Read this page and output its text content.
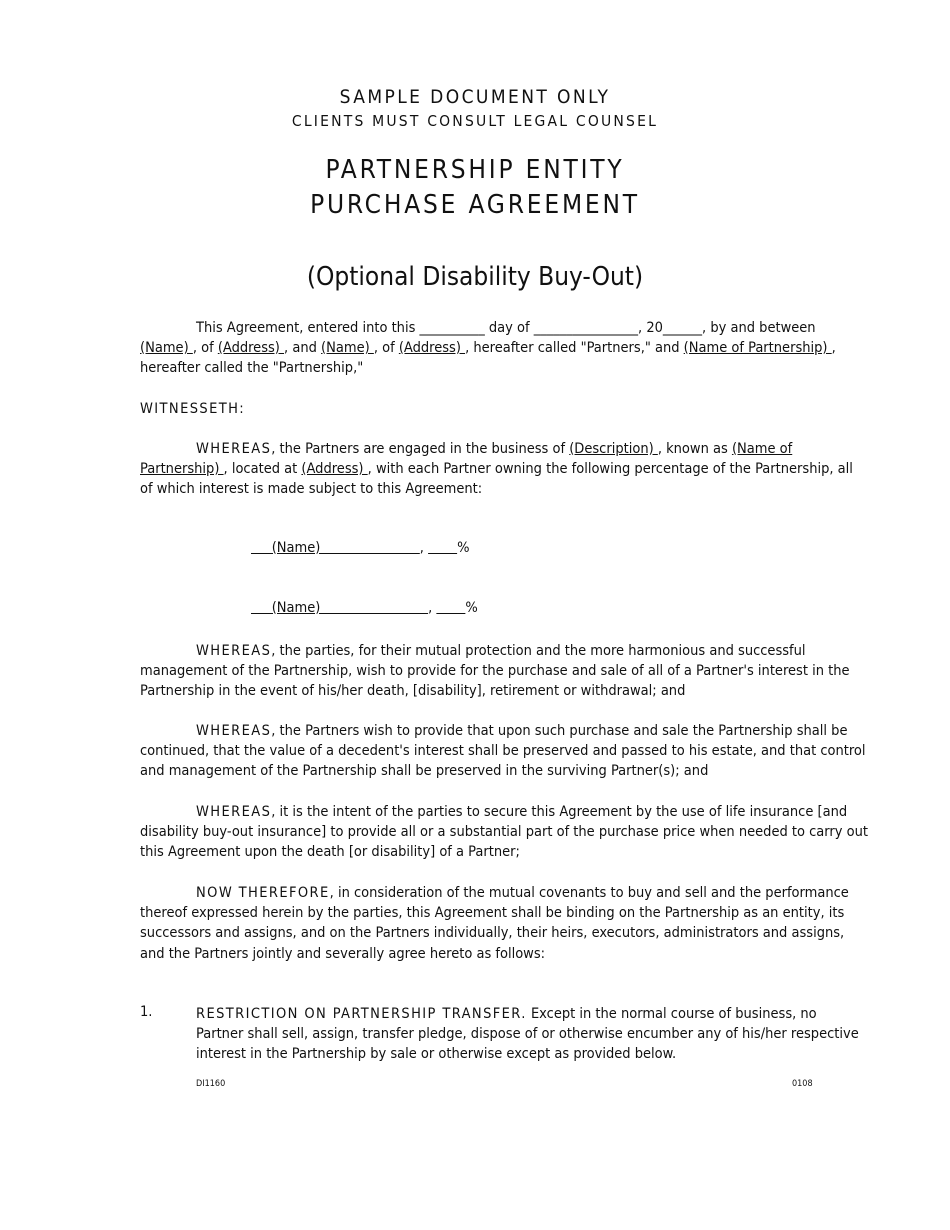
SAMPLE DOCUMENT ONLY
CLIENTS MUST CONSULT LEGAL COUNSEL
PARTNERSHIP ENTITY
PURCHASE AGREEMENT
(Optional Disability Buy-Out)
This Agreement, entered into this __________ day of ________________, 20______, by and between (Name) , of (Address) , and (Name) , of (Address) , hereafter called "Partners," and (Name of Partnership) , hereafter called the "Partnership,"
WITNESSETH:
WHEREAS, the Partners are engaged in the business of (Description) , known as (Name of Partnership) , located at (Address) , with each Partner owning the following percentage of the Partnership, all of which interest is made subject to this Agreement:
(Name)                        ,        %
(Name)                          ,        %
WHEREAS, the parties, for their mutual protection and the more harmonious and successful management of the Partnership, wish to provide for the purchase and sale of all of a Partner's interest in the Partnership in the event of his/her death, [disability], retirement or withdrawal; and
WHEREAS, the Partners wish to provide that upon such purchase and sale the Partnership shall be continued, that the value of a decedent's interest shall be preserved and passed to his estate, and that control and management of the Partnership shall be preserved in the surviving Partner(s); and
WHEREAS, it is the intent of the parties to secure this Agreement by the use of life insurance [and disability buy-out insurance] to provide all or a substantial part of the purchase price when needed to carry out this Agreement upon the death [or disability] of a Partner;
NOW THEREFORE, in consideration of the mutual covenants to buy and sell and the performance thereof expressed herein by the parties, this Agreement shall be binding on the Partnership as an entity, its successors and assigns, and on the Partners individually, their heirs, executors, administrators and assigns, and the Partners jointly and severally agree hereto as follows:
1.	RESTRICTION ON PARTNERSHIP TRANSFER. Except in the normal course of business, no Partner shall sell, assign, transfer pledge, dispose of or otherwise encumber any of his/her respective interest in the Partnership by sale or otherwise except as provided below.
DI1160	0108
